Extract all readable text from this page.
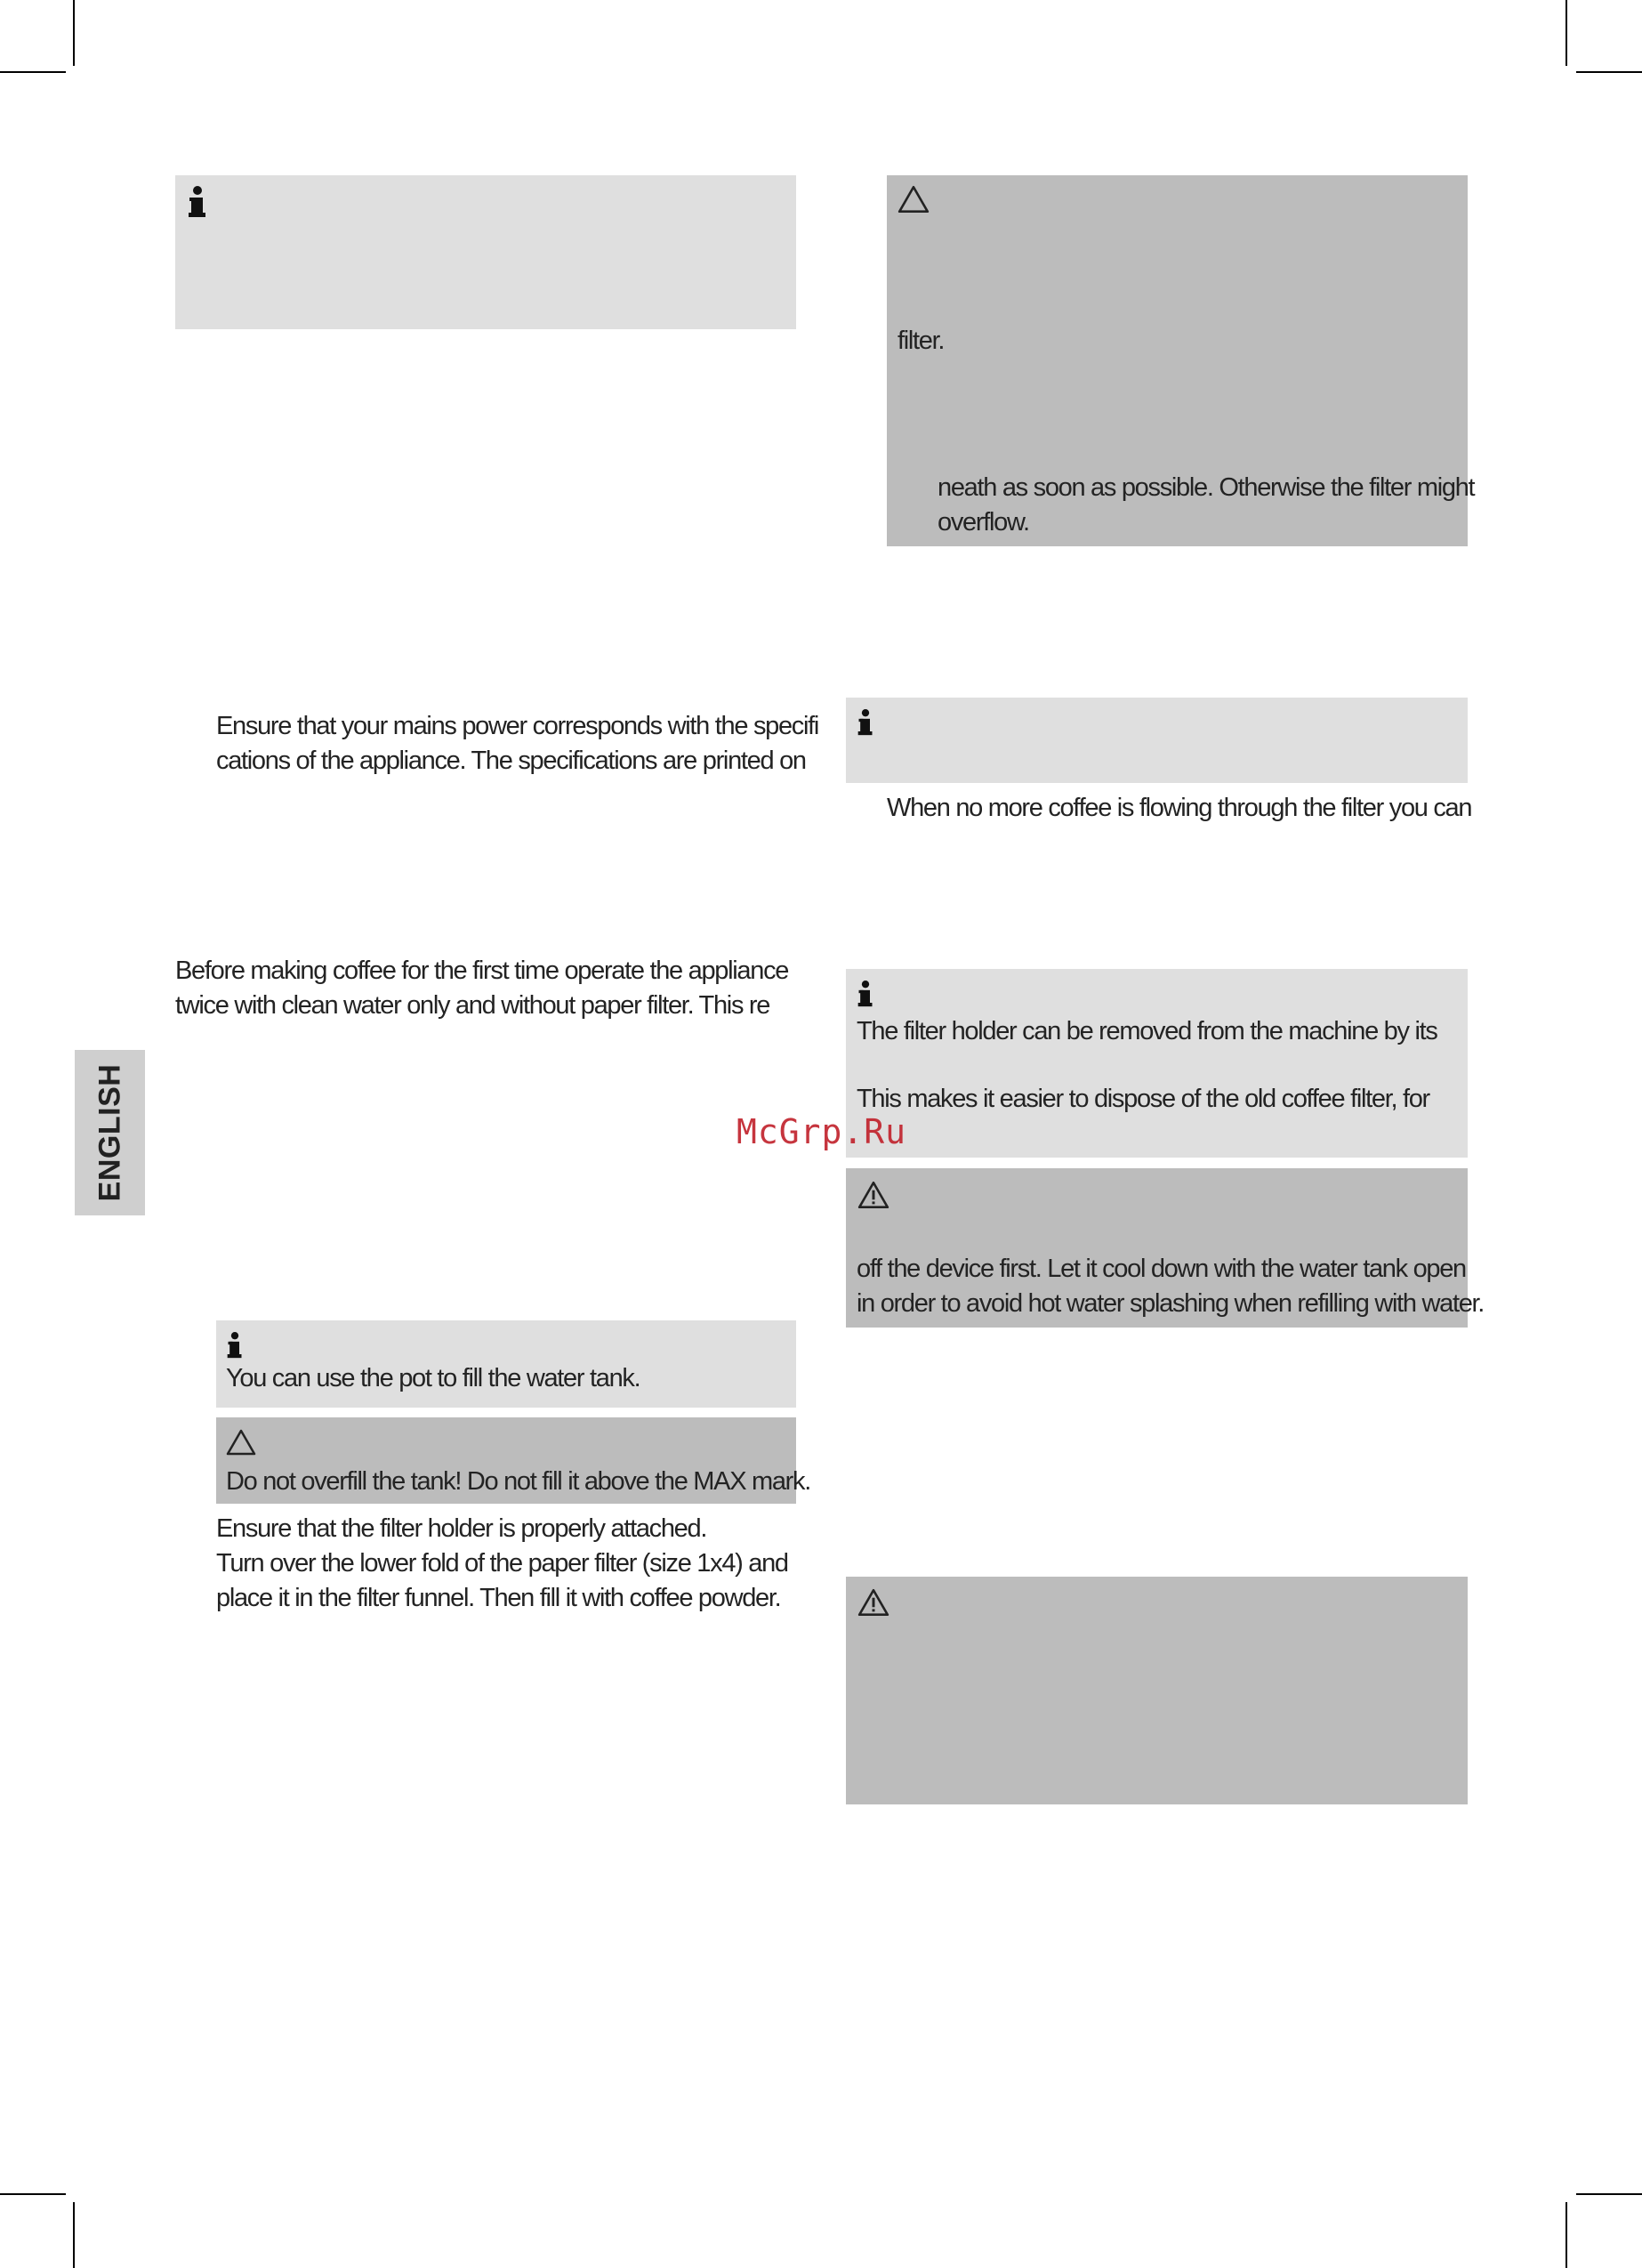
ENGLISH

Ensure that your mains power corresponds with the specifi

cations of the appliance. The specifications are printed on

Before making coffee for the first time operate the appliance

twice with clean water only and without paper filter. This re

You can use the pot to fill the water tank.

Do not overfill the tank! Do not fill it above the MAX mark.

Ensure that the filter holder is properly attached.

Turn over the lower fold of the paper filter (size 1x4) and

place it in the filter funnel. Then fill it with coffee powder.

filter.

neath as soon as possible. Otherwise the filter might

overflow.

When no more coffee is flowing through the filter you can

The filter holder can be removed from the machine by its

This makes it easier to dispose of the old coffee filter, for

off the device first. Let it cool down with the water tank open

in order to avoid hot water splashing when refilling with water.

McGrp.Ru
